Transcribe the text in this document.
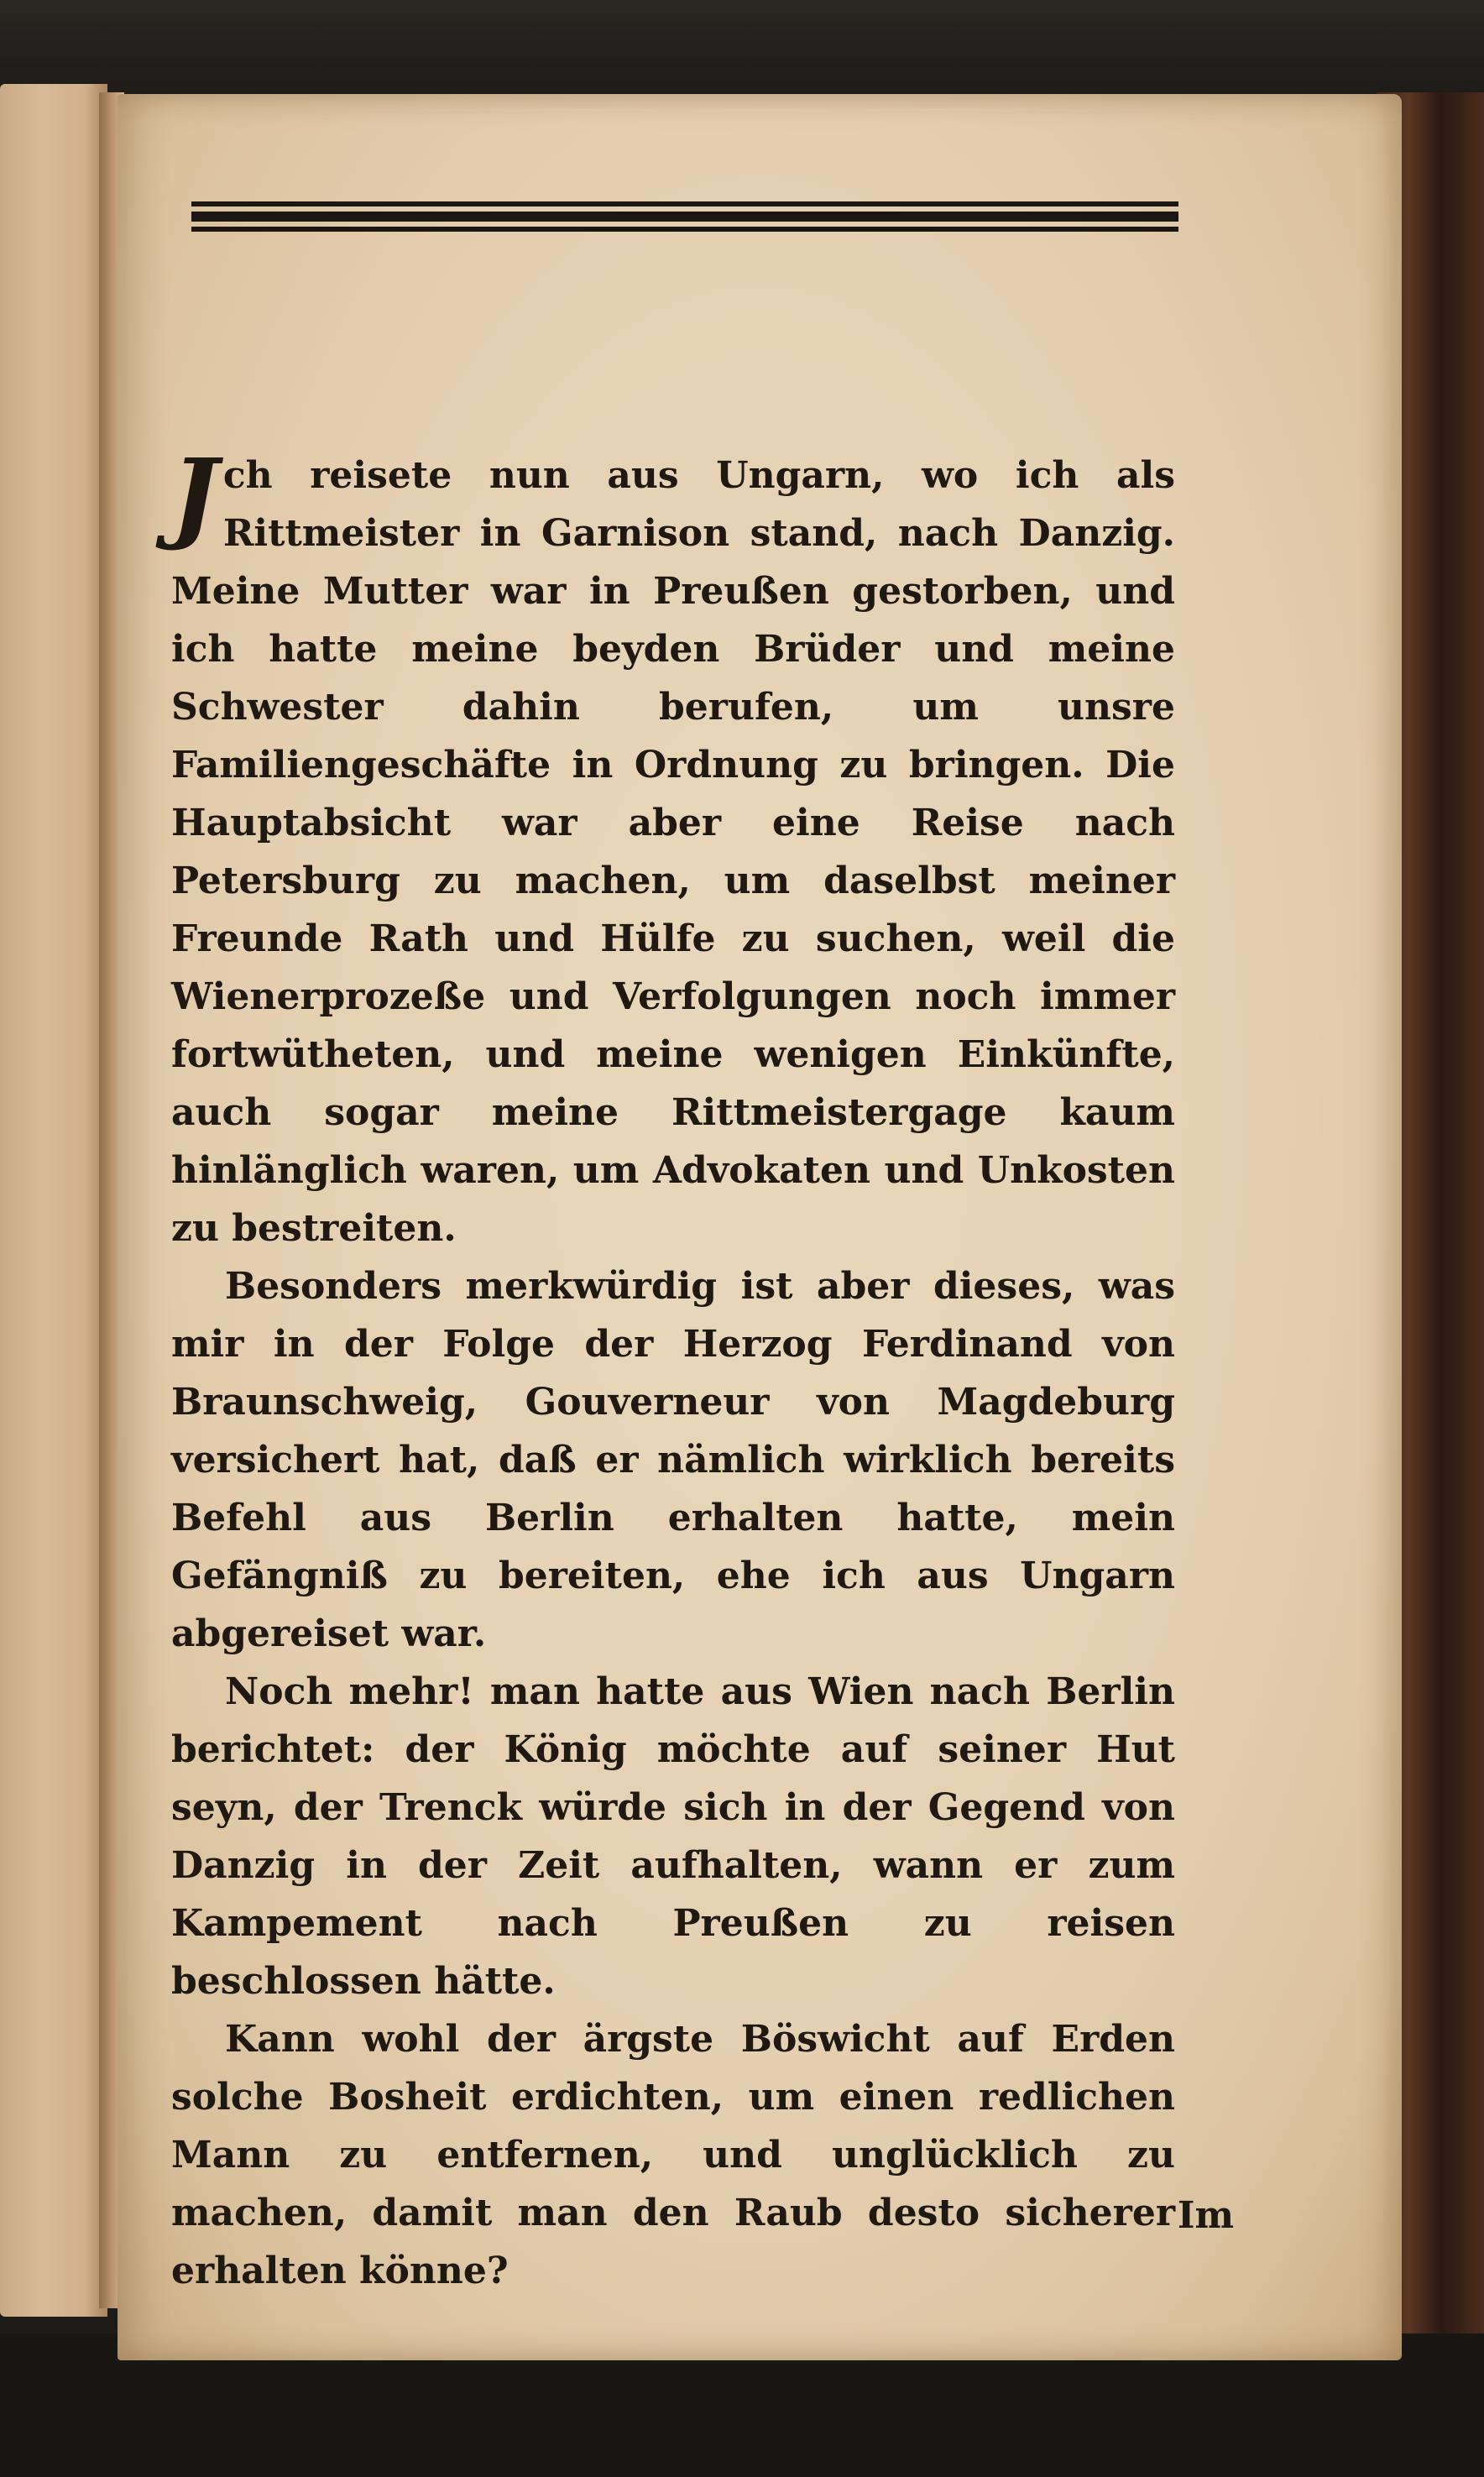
Jch reisete nun aus Ungarn, wo ich als Rittmeister in Garnison stand, nach Danzig. Meine Mutter war in Preußen gestorben, und ich hatte meine beyden Brüder und meine Schwester dahin berufen, um unsre Familiengeschäfte in Ordnung zu bringen. Die Hauptabsicht war aber eine Reise nach Petersburg zu machen, um daselbst meiner Freunde Rath und Hülfe zu suchen, weil die Wienerprozeße und Verfolgungen noch immer fortwütheten, und meine wenigen Einkünfte, auch sogar meine Rittmeistergage kaum hinlänglich waren, um Advokaten und Unkosten zu bestreiten.

Besonders merkwürdig ist aber dieses, was mir in der Folge der Herzog Ferdinand von Braunschweig, Gouverneur von Magdeburg versichert hat, daß er nämlich wirklich bereits Befehl aus Berlin erhalten hatte, mein Gefängniß zu bereiten, ehe ich aus Ungarn abgereiset war.

Noch mehr! man hatte aus Wien nach Berlin berichtet: der König möchte auf seiner Hut seyn, der Trenck würde sich in der Gegend von Danzig in der Zeit aufhalten, wann er zum Kampement nach Preußen zu reisen beschlossen hätte.

Kann wohl der ärgste Böswicht auf Erden solche Bosheit erdichten, um einen redlichen Mann zu entfernen, und unglücklich zu machen, damit man den Raub desto sicherer erhalten könne?

Im
